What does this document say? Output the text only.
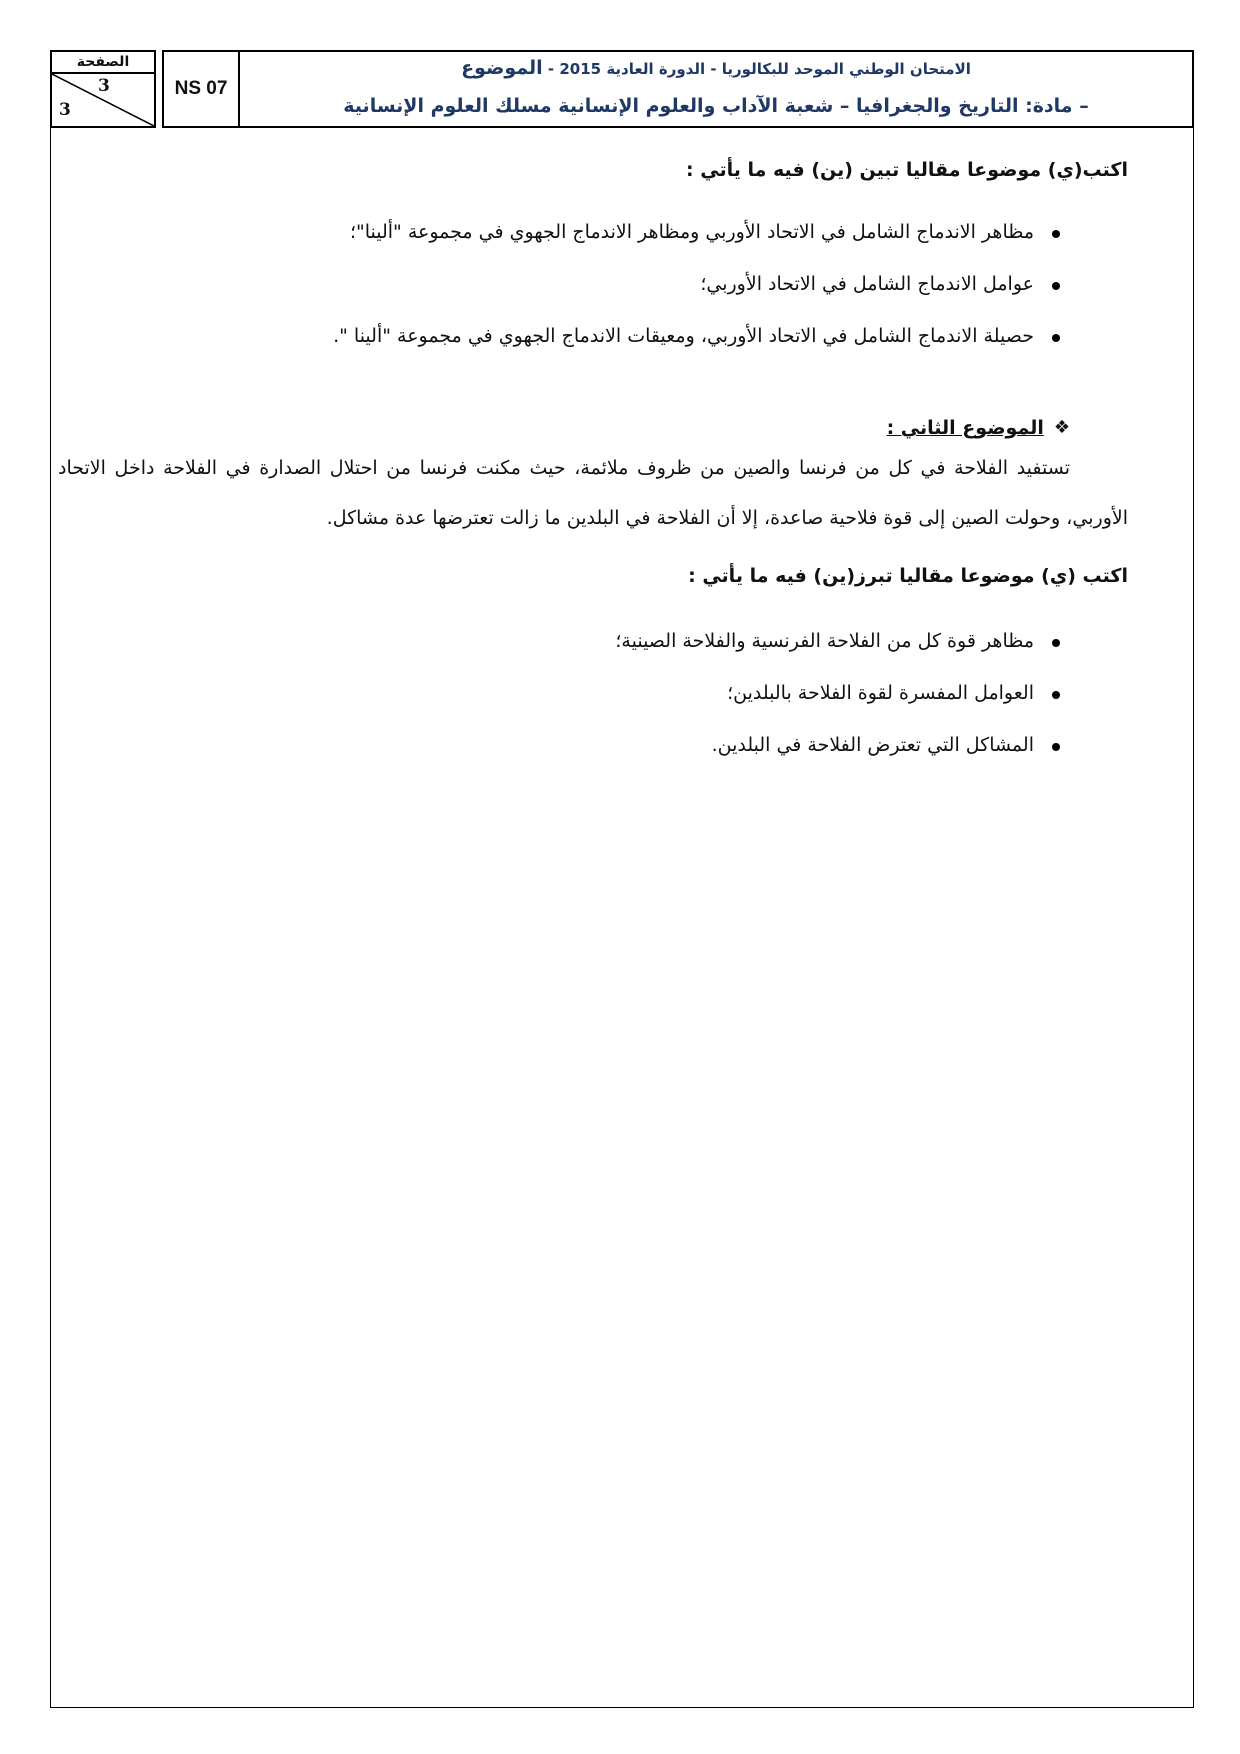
الصفحة
3
3
NS 07
الامتحان الوطني الموحد للبكالوريا - الدورة العادية 2015 - الموضوع
– مادة: التاريخ والجغرافيا – شعبة الآداب والعلوم الإنسانية مسلك العلوم الإنسانية

اكتب(ي) موضوعا مقاليا تبين (ين) فيه ما يأتي :

مظاهر الاندماج الشامل في الاتحاد الأوربي ومظاهر الاندماج الجهوي في مجموعة "ألينا"؛
عوامل الاندماج الشامل في الاتحاد الأوربي؛
حصيلة الاندماج الشامل في الاتحاد الأوربي، ومعيقات الاندماج الجهوي في مجموعة "ألينا ".
❖
الموضوع الثاني :

تستفيد الفلاحة في كل من فرنسا والصين من ظروف ملائمة، حيث مكنت فرنسا من احتلال الصدارة في الفلاحة داخل الاتحاد الأوربي، وحولت الصين إلى قوة فلاحية صاعدة، إلا أن الفلاحة في البلدين ما زالت تعترضها عدة مشاكل.

اكتب (ي) موضوعا مقاليا تبرز(ين) فيه ما يأتي :

مظاهر قوة كل من الفلاحة الفرنسية والفلاحة الصينية؛
العوامل المفسرة لقوة الفلاحة بالبلدين؛
المشاكل التي تعترض الفلاحة في البلدين.
